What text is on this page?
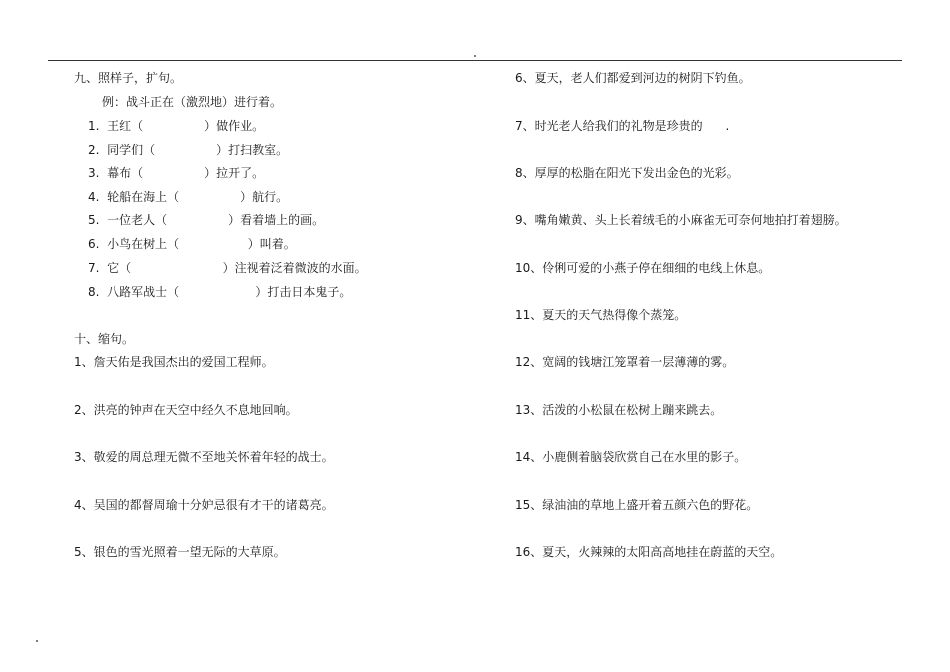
九、照样子，扩句。
例：战斗正在（激烈地）进行着。
1.  王红（                ）做作业。
2.  同学们（                ）打扫教室。
3.  幕布（                ）拉开了。
4.  轮船在海上（                ）航行。
5.  一位老人（                ）看着墙上的画。
6.  小鸟在树上（                  ）叫着。
7.  它（                        ）注视着泛着微波的水面。
8.  八路军战士（                    ）打击日本鬼子。
十、缩句。
1、詹天佑是我国杰出的爱国工程师。
2、洪亮的钟声在天空中经久不息地回响。
3、敬爱的周总理无微不至地关怀着年轻的战士。
4、吴国的都督周瑜十分妒忌很有才干的诸葛亮。
5、银色的雪光照着一望无际的大草原。
6、夏天，老人们都爱到河边的树阴下钓鱼。
7、时光老人给我们的礼物是珍贵的      .
8、厚厚的松脂在阳光下发出金色的光彩。
9、嘴角嫩黄、头上长着绒毛的小麻雀无可奈何地拍打着翅膀。
10、伶俐可爱的小燕子停在细细的电线上休息。
11、夏天的天气热得像个蒸笼。
12、宽阔的钱塘江笼罩着一层薄薄的雾。
13、活泼的小松鼠在松树上蹦来跳去。
14、小鹿侧着脑袋欣赏自己在水里的影子。
15、绿油油的草地上盛开着五颜六色的野花。
16、夏天，火辣辣的太阳高高地挂在蔚蓝的天空。
